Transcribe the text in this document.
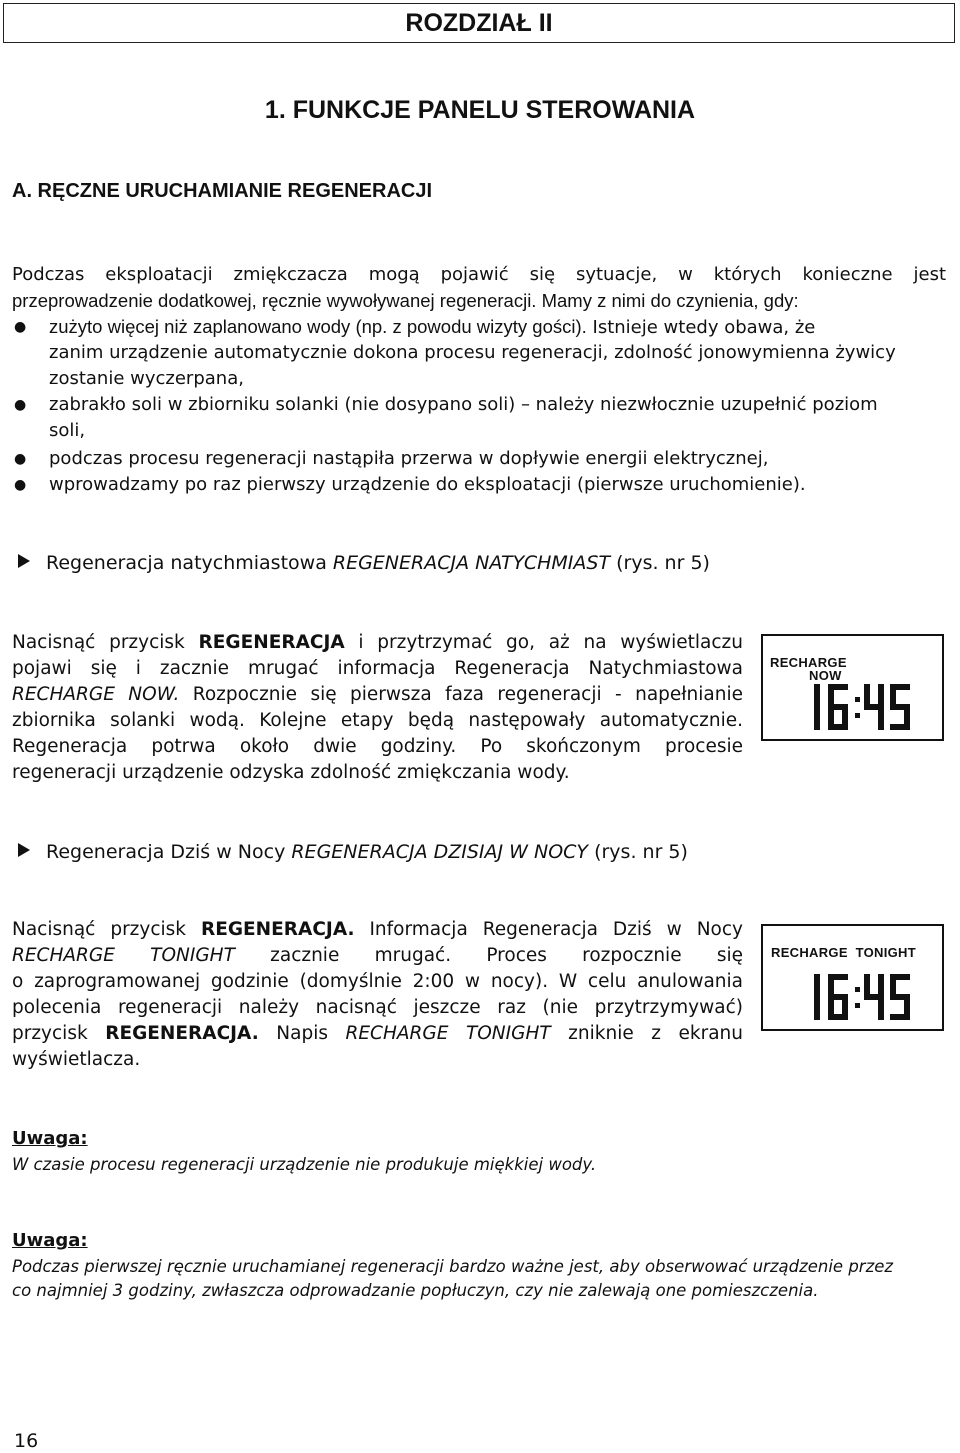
ROZDZIAŁ II
1. FUNKCJE PANELU STEROWANIA
A. RĘCZNE URUCHAMIANIE REGENERACJI
Podczas eksploatacji zmiękczacza mogą pojawić się sytuacje, w których konieczne jest
przeprowadzenie dodatkowej, ręcznie wywoływanej regeneracji. Mamy z nimi do czynienia, gdy:
●	zużyto więcej niż zaplanowano wody (np. z powodu wizyty gości). Istnieje wtedy obawa, że
zanim urządzenie automatycznie dokona procesu regeneracji, zdolność jonowymienna żywicy
zostanie wyczerpana,
●	zabrakło soli w zbiorniku solanki (nie dosypano soli) – należy niezwłocznie uzupełnić poziom
soli,
●	podczas procesu regeneracji nastąpiła przerwa w dopływie energii elektrycznej,
●	wprowadzamy po raz pierwszy urządzenie do eksploatacji (pierwsze uruchomienie).
Regeneracja natychmiastowa REGENERACJA NATYCHMIAST (rys. nr 5)
Nacisnąć przycisk REGENERACJA i przytrzymać go, aż na wyświetlaczu
pojawi się i zacznie mrugać informacja Regeneracja Natychmiastowa
RECHARGE NOW. Rozpocznie się pierwsza faza regeneracji - napełnianie
zbiornika solanki wodą. Kolejne etapy będą następowały automatycznie.
Regeneracja potrwa około dwie godziny. Po skończonym procesie
regeneracji urządzenie odzyska zdolność zmiękczania wody.
RECHARGE
NOW
Regeneracja Dziś w Nocy REGENERACJA DZISIAJ W NOCY (rys. nr 5)
Nacisnąć przycisk REGENERACJA. Informacja Regeneracja Dziś w Nocy
RECHARGE TONIGHT zacznie mrugać. Proces rozpocznie się
o zaprogramowanej godzinie (domyślnie 2:00 w nocy). W celu anulowania
polecenia regeneracji należy nacisnąć jeszcze raz (nie przytrzymywać)
przycisk REGENERACJA. Napis RECHARGE TONIGHT zniknie z ekranu
wyświetlacza.
RECHARGE  TONIGHT
Uwaga:
W czasie procesu regeneracji urządzenie nie produkuje miękkiej wody.
Uwaga:
Podczas pierwszej ręcznie uruchamianej regeneracji bardzo ważne jest, aby obserwować urządzenie przez
co najmniej 3 godziny, zwłaszcza odprowadzanie popłuczyn, czy nie zalewają one pomieszczenia.
16
